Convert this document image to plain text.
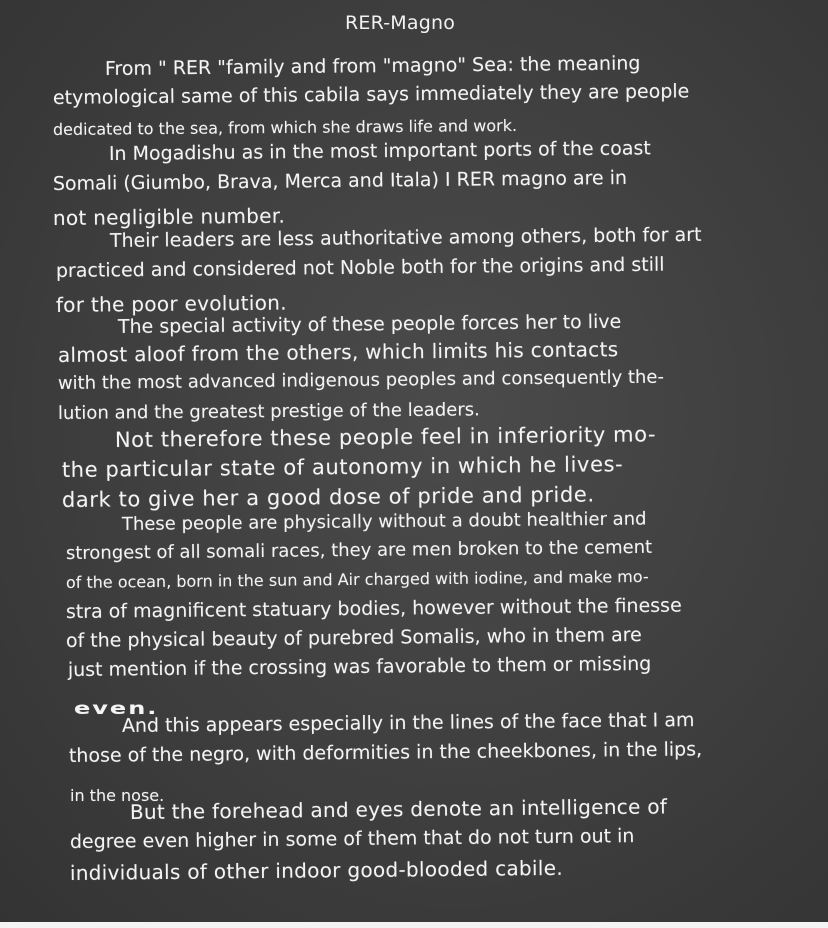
RER-Magno
From " RER "family and from "magno" Sea: the meaning
etymological same of this cabila says immediately they are people
dedicated to the sea, from which she draws life and work.
In Mogadishu as in the most important ports of the coast
Somali (Giumbo, Brava, Merca and Itala) I RER magno are in
not negligible number.
Their leaders are less authoritative among others, both for art
practiced and considered not Noble both for the origins and still
for the poor evolution.
The special activity of these people forces her to live
almost aloof from the others, which limits his contacts
with the most advanced indigenous peoples and consequently the-
lution and the greatest prestige of the leaders.
Not therefore these people feel in inferiority mo-
the particular state of autonomy in which he lives-
dark to give her a good dose of pride and pride.
These people are physically without a doubt healthier and
strongest of all somali races, they are men broken to the cement
of the ocean, born in the sun and Air charged with iodine, and make mo-
stra of magnificent statuary bodies, however without the finesse
of the physical beauty of purebred Somalis, who in them are
just mention if the crossing was favorable to them or missing
even.
And this appears especially in the lines of the face that I am
those of the negro, with deformities in the cheekbones, in the lips,
in the nose.
But the forehead and eyes denote an intelligence of
degree even higher in some of them that do not turn out in
individuals of other indoor good-blooded cabile.
